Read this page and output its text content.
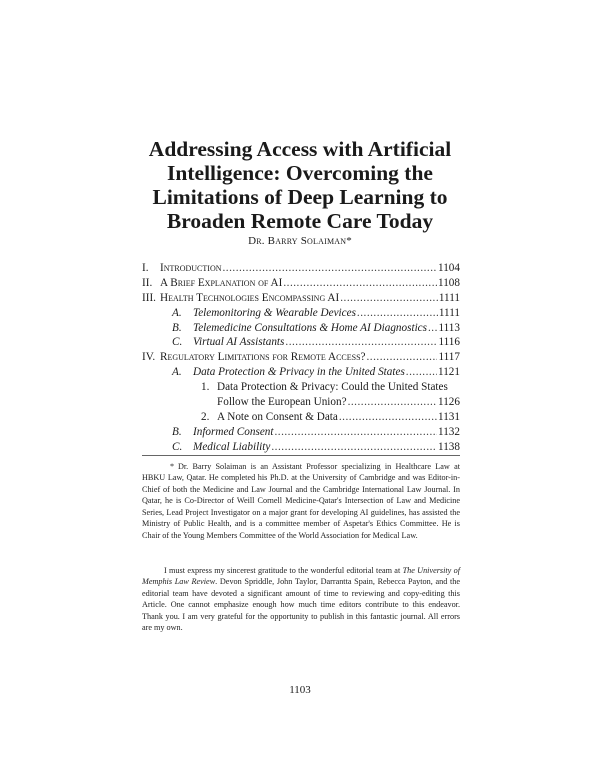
Addressing Access with Artificial
Intelligence: Overcoming the
Limitations of Deep Learning to
Broaden Remote Care Today
Dr. Barry Solaiman*
I.	Introduction .....	1104
II. A Brief Explanation of AI .....	1108
III. Health Technologies Encompassing AI .....	1111
A.	Telemonitoring & Wearable Devices .....	1111
B.	Telemedicine Consultations & Home AI Diagnostics ..... 1113
C. Virtual AI Assistants .....	1116
IV. Regulatory Limitations for Remote Access? .....	1117
A.	Data Protection & Privacy in the United States .....	1121
1. Data Protection & Privacy: Could the United States
Follow the European Union? .....	1126
2. A Note on Consent & Data .....	1131
B.	Informed Consent .....	1132
C. Medical Liability .....	1138

* Dr. Barry Solaiman is an Assistant Professor specializing in Healthcare Law at HBKU Law, Qatar. He completed his Ph.D. at the University of Cambridge and was Editor-in-Chief of both the Medicine and Law Journal and the Cambridge International Law Journal. In Qatar, he is Co-Director of Weill Cornell Medicine-Qatar's Intersection of Law and Medicine Series, Lead Project Investigator on a major grant for developing AI guidelines, has assisted the Ministry of Public Health, and is a committee member of Aspetar's Ethics Committee. He is Chair of the Young Members Committee of the World Association for Medical Law.

I must express my sincerest gratitude to the wonderful editorial team at The University of Memphis Law Review. Devon Spriddle, John Taylor, Darrantta Spain, Rebecca Payton, and the editorial team have devoted a significant amount of time to reviewing and copy-editing this Article. One cannot emphasize enough how much time editors contribute to this endeavor. Thank you. I am very grateful for the opportunity to publish in this fantastic journal. All errors are my own.

1103
